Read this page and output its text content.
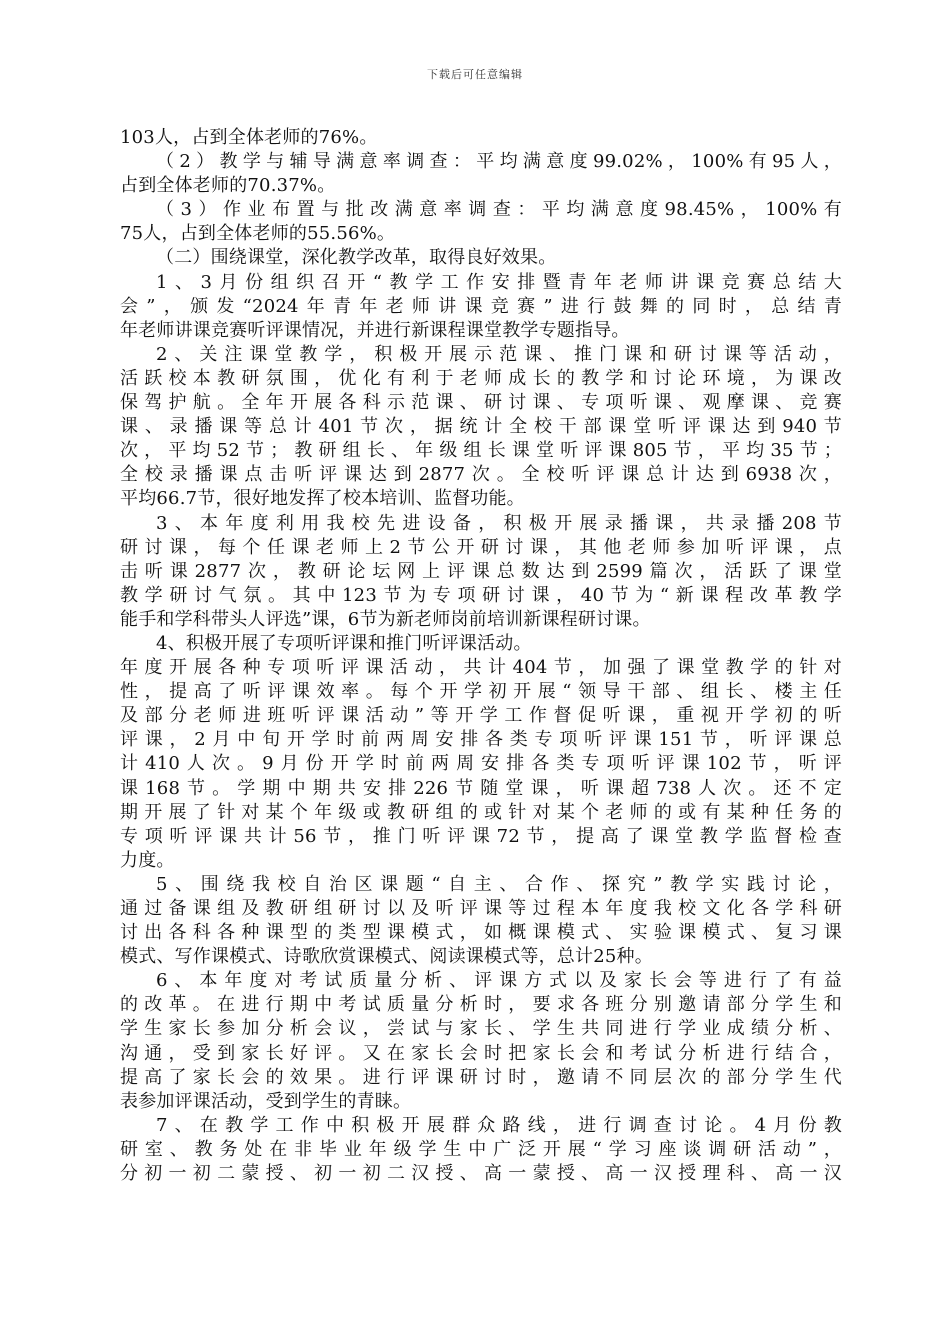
下载后可任意编辑
103人，占到全体老师的76%。
（2）教学与辅导满意率调查：平均满意度99.02%，100%有95人，
占到全体老师的70.37%。
（3）作业布置与批改满意率调查：平均满意度98.45%，100%有
75人，占到全体老师的55.56%。
（二）围绕课堂，深化教学改革，取得良好效果。
1、3月份组织召开“教学工作安排暨青年老师讲课竞赛总结大
会”，颁发“2024年青年老师讲课竞赛”进行鼓舞的同时，总结青
年老师讲课竞赛听评课情况，并进行新课程课堂教学专题指导。
2、关注课堂教学，积极开展示范课、推门课和研讨课等活动，
活跃校本教研氛围，优化有利于老师成长的教学和讨论环境，为课改
保驾护航。全年开展各科示范课、研讨课、专项听课、观摩课、竞赛
课、录播课等总计401节次，据统计全校干部课堂听评课达到940节
次，平均52节；教研组长、年级组长课堂听评课805节，平均35节；
全校录播课点击听评课达到2877次。全校听评课总计达到6938次，
平均66.7节，很好地发挥了校本培训、监督功能。
3、本年度利用我校先进设备，积极开展录播课，共录播208节
研讨课，每个任课老师上2节公开研讨课，其他老师参加听评课，点
击听课2877次，教研论坛网上评课总数达到2599篇次，活跃了课堂
教学研讨气氛。其中123节为专项研讨课，40节为“新课程改革教学
能手和学科带头人评选”课，6节为新老师岗前培训新课程研讨课。
4、积极开展了专项听评课和推门听评课活动。
年度开展各种专项听评课活动，共计404节，加强了课堂教学的针对
性，提高了听评课效率。每个开学初开展“领导干部、组长、楼主任
及部分老师进班听评课活动”等开学工作督促听课，重视开学初的听
评课，2月中旬开学时前两周安排各类专项听评课151节，听评课总
计410人次。9月份开学时前两周安排各类专项听评课102节，听评
课168节。学期中期共安排226节随堂课，听课超738人次。还不定
期开展了针对某个年级或教研组的或针对某个老师的或有某种任务的
专项听评课共计56节，推门听评课72节，提高了课堂教学监督检查
力度。
5、围绕我校自治区课题“自主、合作、探究”教学实践讨论，
通过备课组及教研组研讨以及听评课等过程本年度我校文化各学科研
讨出各科各种课型的类型课模式，如概课模式、实验课模式、复习课
模式、写作课模式、诗歌欣赏课模式、阅读课模式等，总计25种。
6、本年度对考试质量分析、评课方式以及家长会等进行了有益
的改革。在进行期中考试质量分析时，要求各班分别邀请部分学生和
学生家长参加分析会议，尝试与家长、学生共同进行学业成绩分析、
沟通，受到家长好评。又在家长会时把家长会和考试分析进行结合，
提高了家长会的效果。进行评课研讨时，邀请不同层次的部分学生代
表参加评课活动，受到学生的青睐。
7、在教学工作中积极开展群众路线，进行调查讨论。4月份教
研室、教务处在非毕业年级学生中广泛开展“学习座谈调研活动”，
分初一初二蒙授、初一初二汉授、高一蒙授、高一汉授理科、高一汉
